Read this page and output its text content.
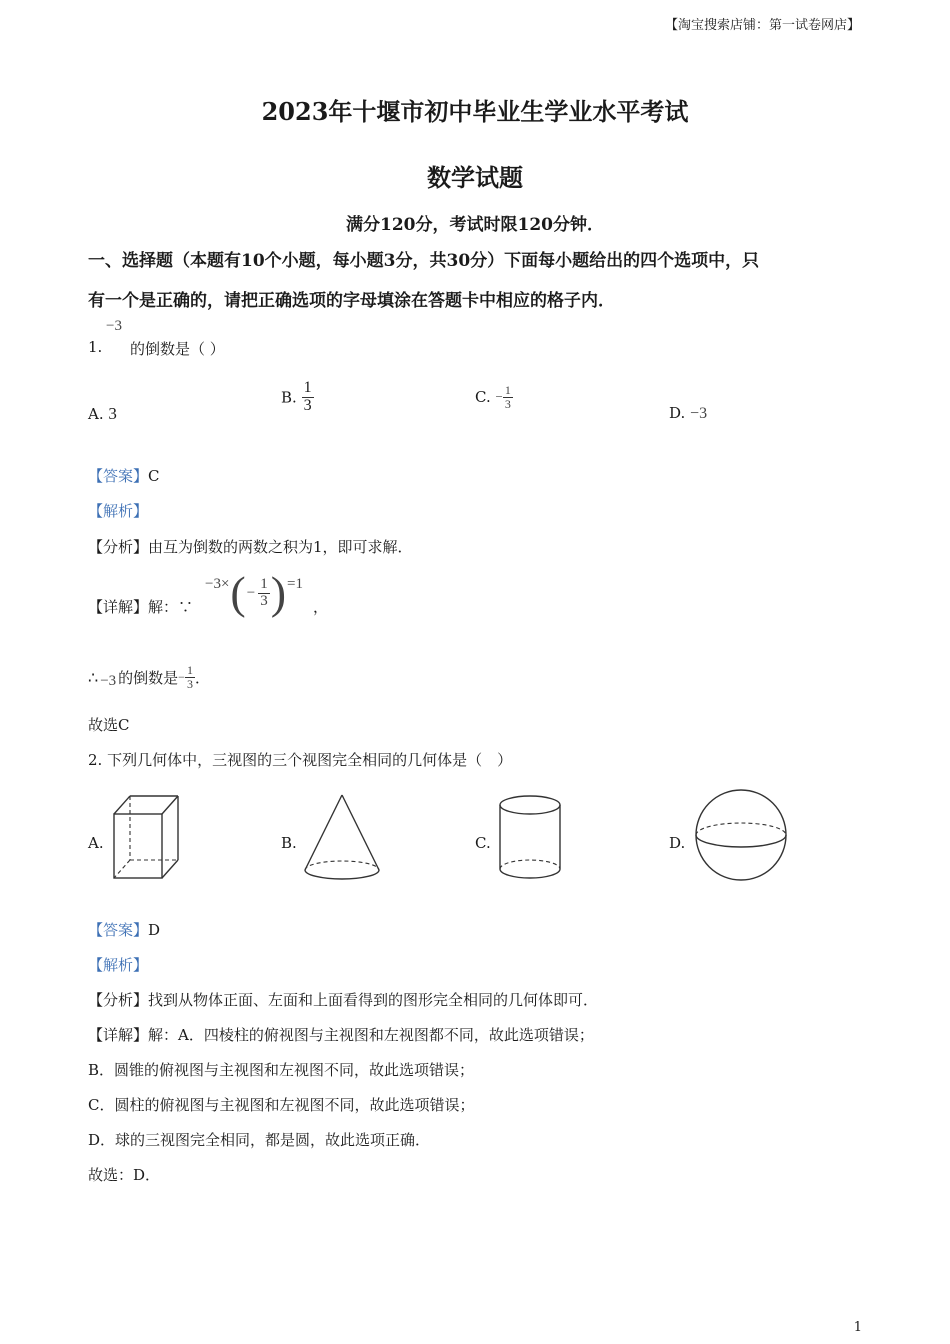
【淘宝搜索店铺：第一试卷网店】
2023年十堰市初中毕业生学业水平考试
数学试题
满分120分，考试时限120分钟．
一、选择题（本题有10个小题，每小题3分，共30分）下面每小题给出的四个选项中，只
有一个是正确的，请把正确选项的字母填涂在答题卡中相应的格子内．
1.
−3
的倒数是（ ）
A. 3
B. $\frac{1}{3}$	C. − $\frac{1}{3}$
D. −3
【答案】C
【解析】
【分析】由互为倒数的两数之积为1，即可求解．
【详解】解：∵
−3× ( − $\frac{1}{3}$ ) =1
，
∴ −3 的倒数是 − $\frac{1}{3}$ ．
故选C
2. 下列几何体中，三视图的三个视图完全相同的几何体是（　）
A.	B.	C.	D.
【答案】D
【解析】
【分析】找到从物体正面、左面和上面看得到的图形完全相同的几何体即可．
【详解】解：A．四棱柱的俯视图与主视图和左视图都不同，故此选项错误；
B．圆锥的俯视图与主视图和左视图不同，故此选项错误；
C．圆柱的俯视图与主视图和左视图不同，故此选项错误；
D．球的三视图完全相同，都是圆，故此选项正确．
故选：D．
1
